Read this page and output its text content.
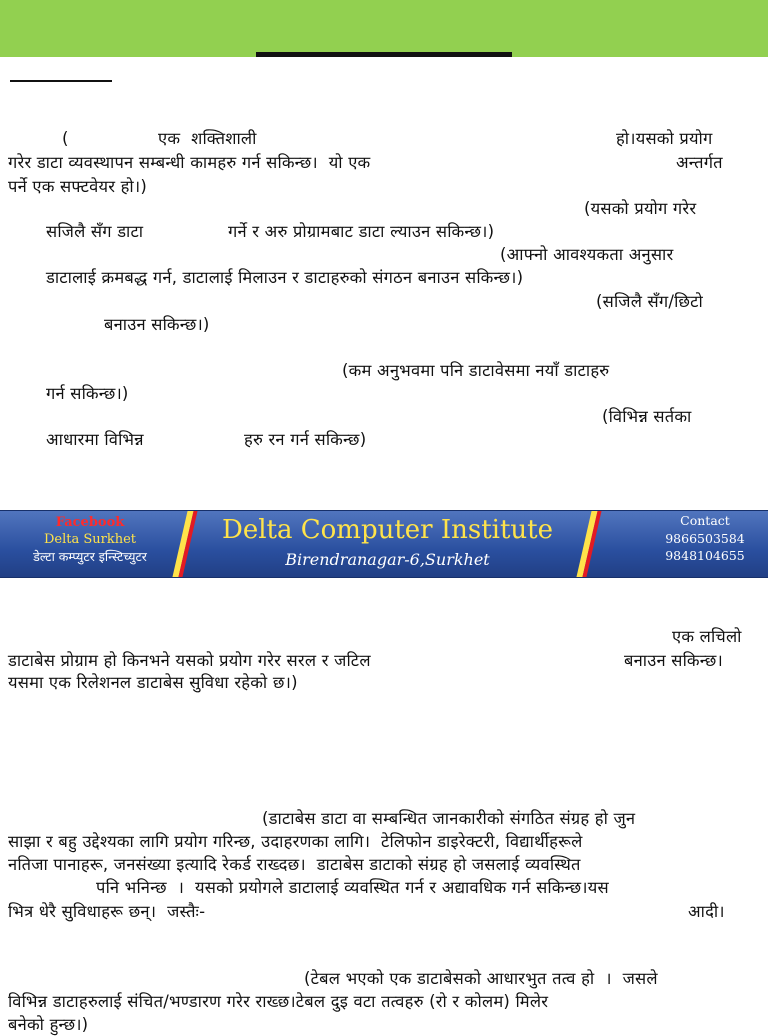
(	एक  शक्तिशाली	हो।यसको प्रयोग
गरेर डाटा व्यवस्थापन सम्बन्धी कामहरु गर्न सकिन्छ।  यो एक	अन्तर्गत
पर्ने एक सफ्टवेयर हो।)
(यसको प्रयोग गरेर
सजिलै सँग डाटा	गर्ने र अरु प्रोग्रामबाट डाटा ल्याउन सकिन्छ।)
(आफ्नो आवश्यकता अनुसार
डाटालाई क्रमबद्ध गर्न, डाटालाई मिलाउन र डाटाहरुको संगठन बनाउन सकिन्छ।)
(सजिलै सँग/छिटो
बनाउन सकिन्छ।)
(कम अनुभवमा पनि डाटावेसमा नयाँ डाटाहरु
गर्न सकिन्छ।)
(विभिन्न सर्तका
आधारमा विभिन्न	हरु रन गर्न सकिन्छ)
Facebook
Delta Surkhet
डेल्टा कम्प्युटर इन्स्टिच्युटर
Delta Computer Institute
Birendranagar-6,Surkhet
Contact
9866503584
9848104655
एक लचिलो
डाटाबेस प्रोग्राम हो किनभने यसको प्रयोग गरेर सरल र जटिल	बनाउन सकिन्छ।
यसमा एक रिलेशनल डाटाबेस सुविधा रहेको छ।)
(डाटाबेस डाटा वा सम्बन्धित जानकारीको संगठित संग्रह हो जुन
साझा र बहु उद्देश्यका लागि प्रयोग गरिन्छ, उदाहरणका लागि।  टेलिफोन डाइरेक्टरी, विद्यार्थीहरूले
नतिजा पानाहरू, जनसंख्या इत्यादि रेकर्ड राख्दछ।  डाटाबेस डाटाको संग्रह हो जसलाई व्यवस्थित
पनि भनिन्छ  ।  यसको प्रयोगले डाटालाई व्यवस्थित गर्न र अद्यावधिक गर्न सकिन्छ।यस
भित्र धेरै सुविधाहरू छन्।  जस्तैः-	आदी।
(टेबल भएको एक डाटाबेसको आधारभुत तत्व हो  ।  जसले
विभिन्न डाटाहरुलाई संचित/भण्डारण गरेर राख्छ।टेबल दुइ वटा तत्वहरु (रो र कोलम) मिलेर
बनेको हुन्छ।)
